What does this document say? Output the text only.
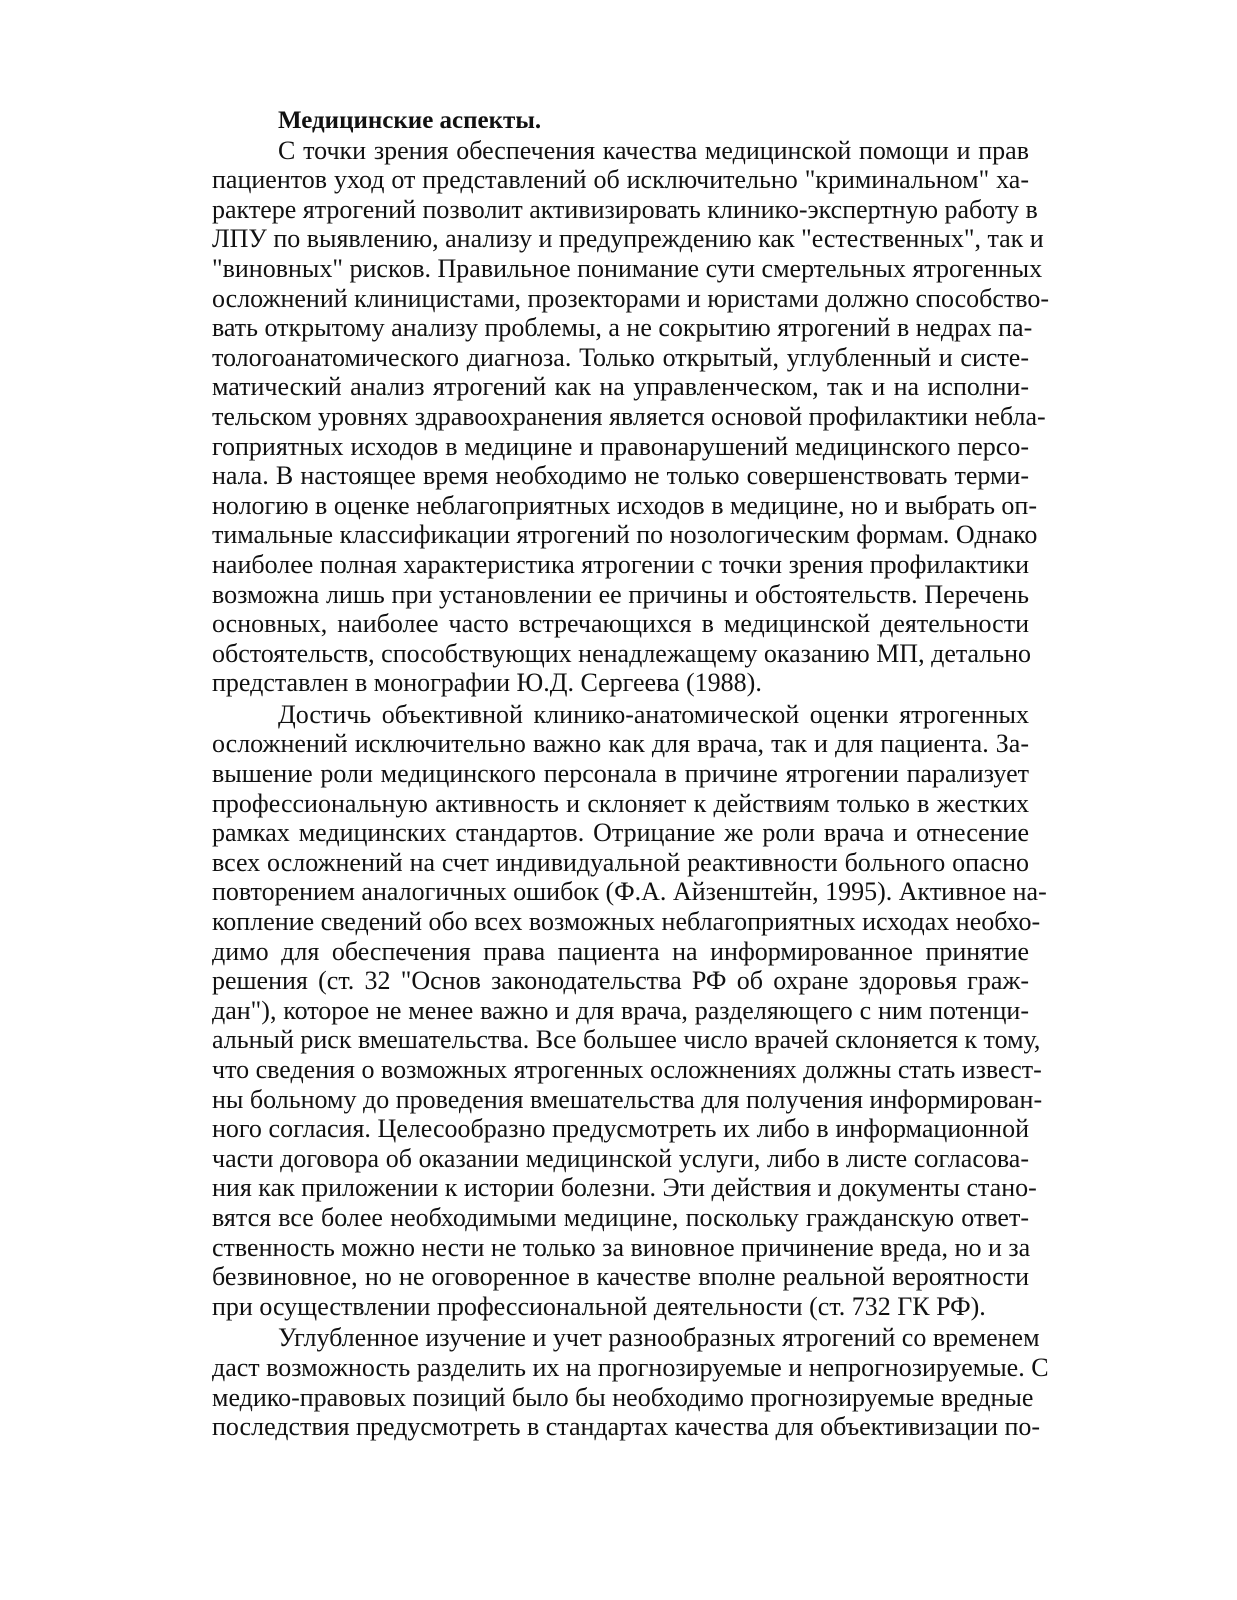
Медицинские аспекты.

С точки зрения обеспечения качества медицинской помощи и прав
пациентов уход от представлений об исключительно "криминальном" ха-
рактере ятрогений позволит активизировать клинико-экспертную работу в
ЛПУ по выявлению, анализу и предупреждению как "естественных", так и
"виновных" рисков. Правильное понимание сути смертельных ятрогенных
осложнений клиницистами, прозекторами и юристами должно способство-
вать открытому анализу проблемы, а не сокрытию ятрогений в недрах па-
тологоанатомического диагноза. Только открытый, углубленный и систе-
матический анализ ятрогений как на управленческом, так и на исполни-
тельском уровнях здравоохранения является основой профилактики небла-
гоприятных исходов в медицине и правонарушений медицинского персо-
нала. В настоящее время необходимо не только совершенствовать терми-
нологию в оценке неблагоприятных исходов в медицине, но и выбрать оп-
тимальные классификации ятрогений по нозологическим формам. Однако
наиболее полная характеристика ятрогении с точки зрения профилактики
возможна лишь при установлении ее причины и обстоятельств. Перечень
основных, наиболее часто встречающихся в медицинской деятельности
обстоятельств, способствующих ненадлежащему оказанию МП, детально
представлен в монографии Ю.Д. Сергеева (1988).

Достичь объективной клинико-анатомической оценки ятрогенных
осложнений исключительно важно как для врача, так и для пациента. За-
вышение роли медицинского персонала в причине ятрогении парализует
профессиональную активность и склоняет к действиям только в жестких
рамках медицинских стандартов. Отрицание же роли врача и отнесение
всех осложнений на счет индивидуальной реактивности больного опасно
повторением аналогичных ошибок (Ф.А. Айзенштейн, 1995). Активное на-
копление сведений обо всех возможных неблагоприятных исходах необхо-
димо для обеспечения права пациента на информированное принятие
решения (ст. 32 "Основ законодательства РФ об охране здоровья граж-
дан"), которое не менее важно и для врача, разделяющего с ним потенци-
альный риск вмешательства. Все большее число врачей склоняется к тому,
что сведения о возможных ятрогенных осложнениях должны стать извест-
ны больному до проведения вмешательства для получения информирован-
ного согласия. Целесообразно предусмотреть их либо в информационной
части договора об оказании медицинской услуги, либо в листе согласова-
ния как приложении к истории болезни. Эти действия и документы стано-
вятся все более необходимыми медицине, поскольку гражданскую ответ-
ственность можно нести не только за виновное причинение вреда, но и за
безвиновное, но не оговоренное в качестве вполне реальной вероятности
при осуществлении профессиональной деятельности (ст. 732 ГК РФ).

Углубленное изучение и учет разнообразных ятрогений со временем
даст возможность разделить их на прогнозируемые и непрогнозируемые. С
медико-правовых позиций было бы необходимо прогнозируемые вредные
последствия предусмотреть в стандартах качества для объективизации по-
